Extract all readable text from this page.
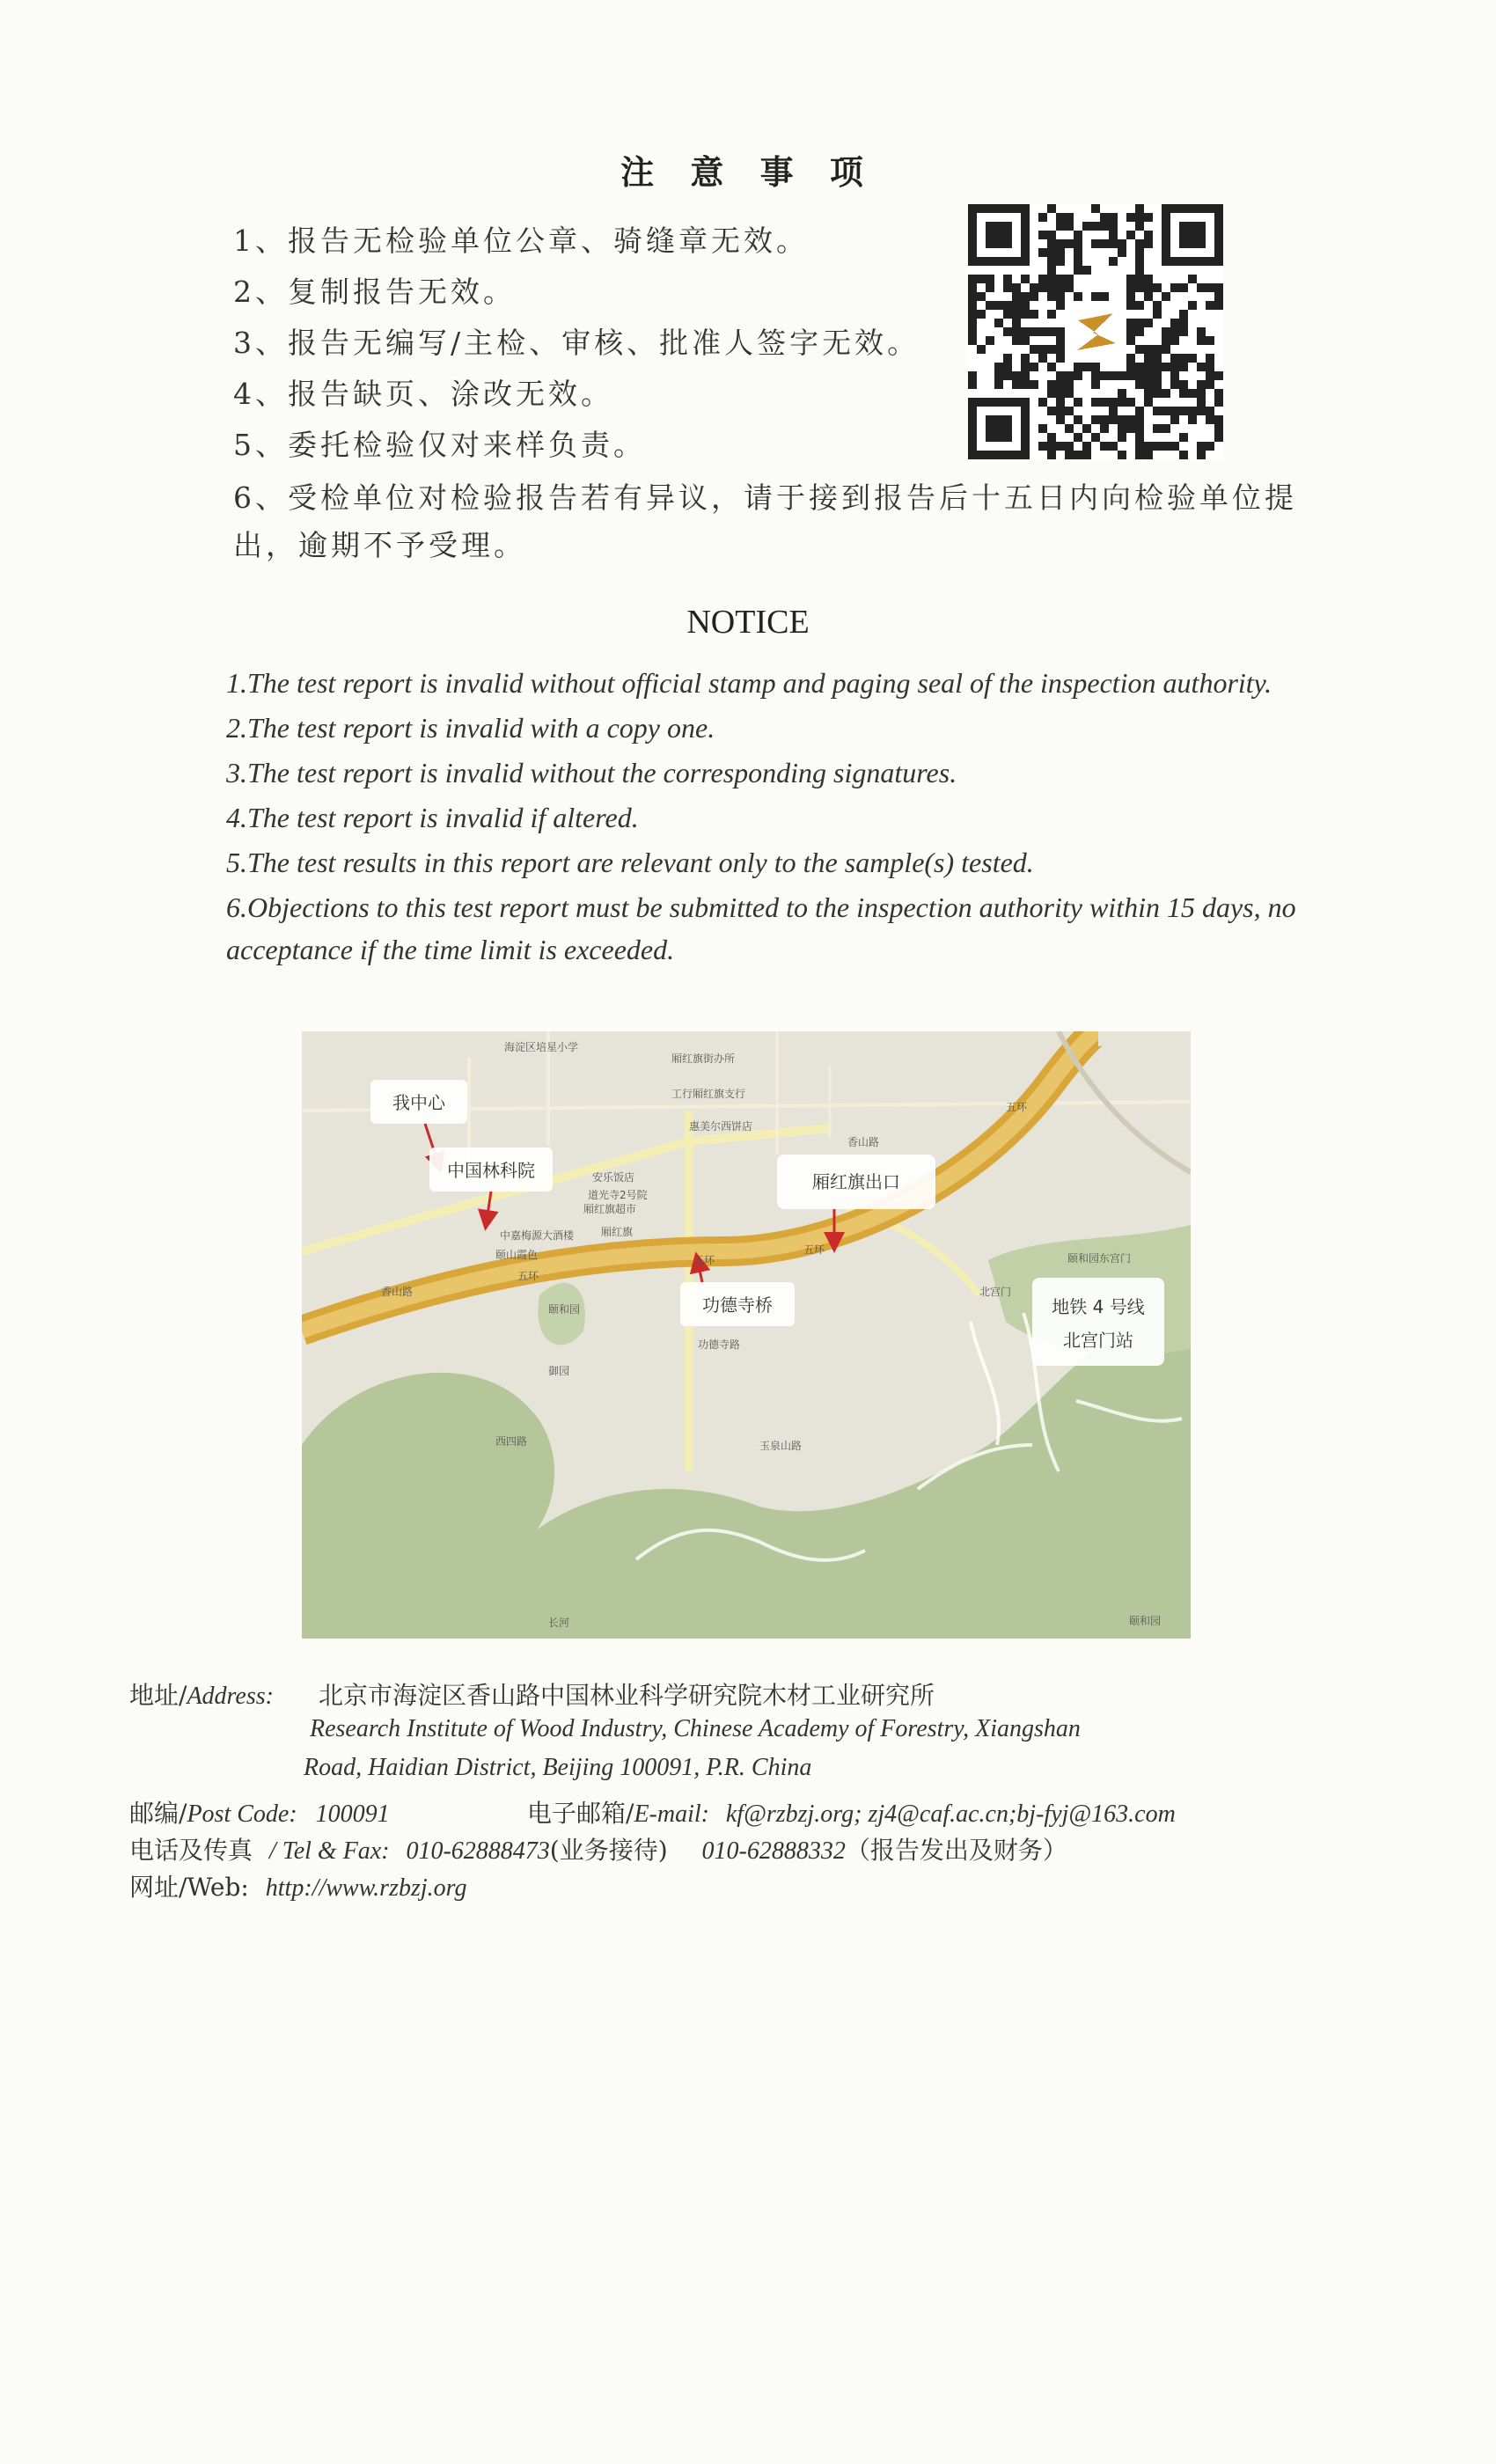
注 意 事 项
1、报告无检验单位公章、骑缝章无效。
2、复制报告无效。
3、报告无编写/主检、审核、批准人签字无效。
4、报告缺页、涂改无效。
5、委托检验仅对来样负责。
6、受检单位对检验报告若有异议，请于接到报告后十五日内向检验单位提出，逾期不予受理。
NOTICE
1.The test report is invalid without official stamp and paging seal of the inspection authority.
2.The test report is invalid with a copy one.
3.The test report is invalid without the corresponding signatures.
4.The test report is invalid if altered.
5.The test results in this report are relevant only to the sample(s) tested.
6.Objections to this test report must be submitted to the inspection authority within 15 days, no acceptance if the time limit is exceeded.
我中心
中国林科院
厢红旗出口
功德寺桥	地铁 4 号线
北宫门站
海淀区培星小学
厢红旗街办所
工行厢红旗支行
惠美尔西饼店
香山路
安乐饭店
道光寺2号院
厢红旗超市
中嘉梅源大酒楼	厢红旗
颐山霞色
五环
五环
五环
五环
香山路
颐和园
御园
西四路	玉泉山路
功德寺路
长河
颐和园东宫门
颐和园
北宫门
地址/Address: 北京市海淀区香山路中国林业科学研究院木材工业研究所
Research Institute of Wood Industry, Chinese Academy of Forestry, Xiangshan
Road, Haidian District, Beijing 100091, P.R. China
邮编/Post Code: 100091	电子邮箱/E-mail: kf@rzbzj.org; zj4@caf.ac.cn;bj-fyj@163.com
电话及传真 / Tel & Fax: 010-62888473(业务接待) 010-62888332（报告发出及财务）
网址/Web: http://www.rzbzj.org
